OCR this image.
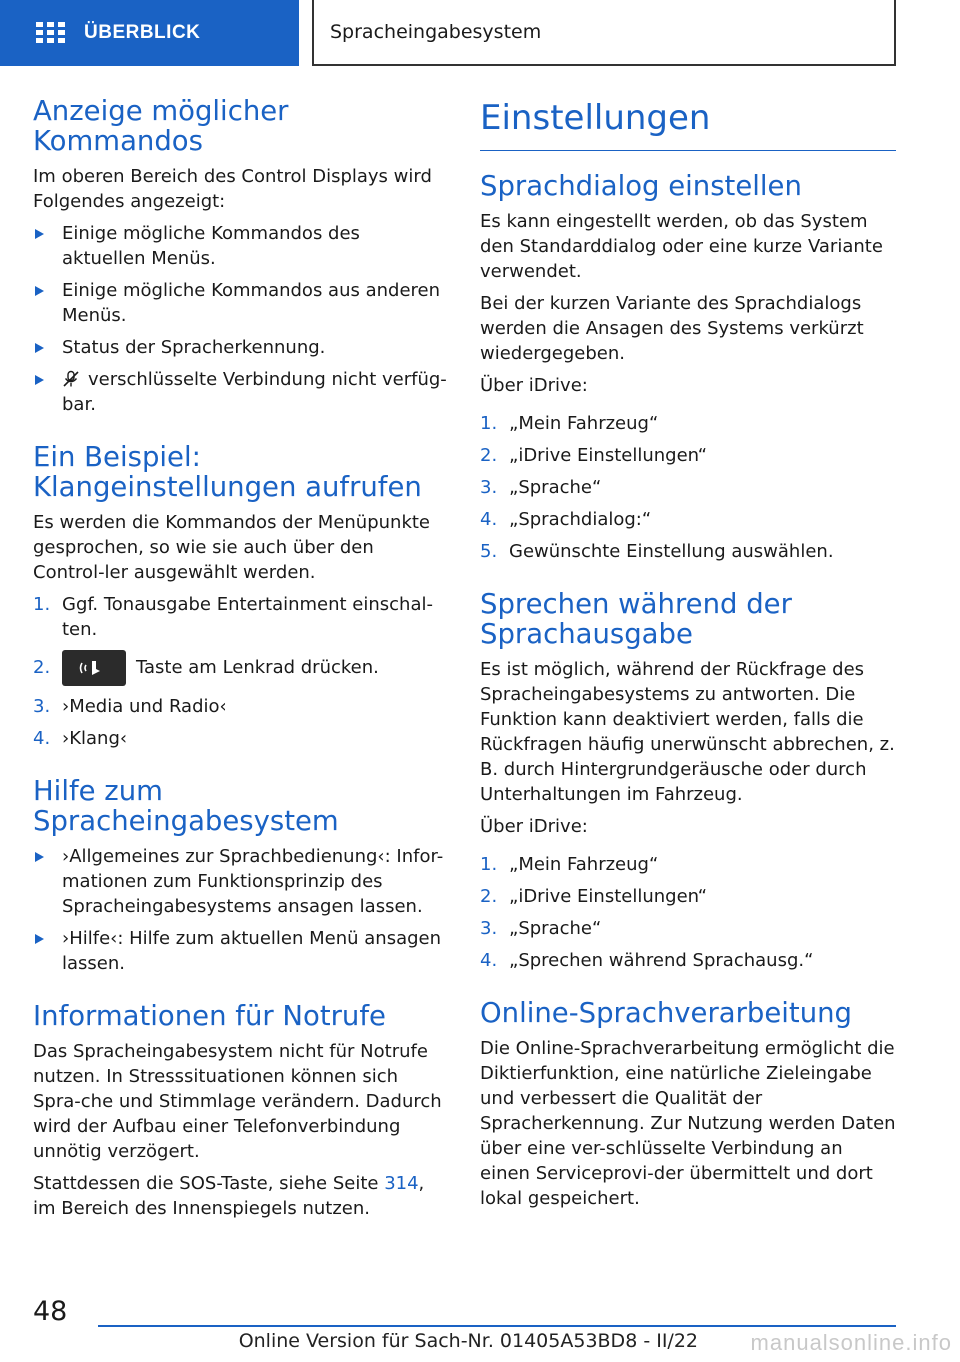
ÜBERBLICK	Sprachеingabesystem
Anzeige möglicher Kommandos

Im oberen Bereich des Control Displays wird Folgendes angezeigt:

Einige mögliche Kommandos des aktuellen Menüs.
Einige mögliche Kommandos aus anderen Menüs.
Status der Spracherkennung.
verschlüsselte Verbindung nicht verfüg-bar.
Ein Beispiel: Klangeinstellungen aufrufen

Es werden die Kommandos der Menüpunkte gesprochen, so wie sie auch über den Control-ler ausgewählt werden.

1. Ggf. Tonausgabe Entertainment einschal-ten.
2.	Taste am Lenkrad drücken.
3. ›Media und Radio‹
4. ›Klang‹
Hilfe zum Spracheingabesystem
›Allgemeines zur Sprachbedienung‹: Infor-mationen zum Funktionsprinzip des Spracheingabesystems ansagen lassen.
›Hilfe‹: Hilfe zum aktuellen Menü ansagen lassen.
Informationen für Notrufe

Das Spracheingabesystem nicht für Notrufe nutzen. In Stresssituationen können sich Spra-che und Stimmlage verändern. Dadurch wird der Aufbau einer Telefonverbindung unnötig verzögert.

Stattdessen die SOS-Taste, siehe Seite 314, im Bereich des Innenspiegels nutzen.

Einstellungen
Sprachdialog einstellen

Es kann eingestellt werden, ob das System den Standarddialog oder eine kurze Variante verwendet.

Bei der kurzen Variante des Sprachdialogs werden die Ansagen des Systems verkürzt wiedergegeben.

Über iDrive:

1. „Mein Fahrzeug“
2. „iDrive Einstellungen“
3. „Sprache“
4. „Sprachdialog:“
5. Gewünschte Einstellung auswählen.
Sprechen während der Sprachausgabe

Es ist möglich, während der Rückfrage des Spracheingabesystems zu antworten. Die Funktion kann deaktiviert werden, falls die Rückfragen häufig unerwünscht abbrechen, z. B. durch Hintergrundgeräusche oder durch Unterhaltungen im Fahrzeug.

Über iDrive:

1. „Mein Fahrzeug“
2. „iDrive Einstellungen“
3. „Sprache“
4. „Sprechen während Sprachausg.“
Online-Sprachverarbeitung

Die Online-Sprachverarbeitung ermöglicht die Diktierfunktion, eine natürliche Zieleingabe und verbessert die Qualität der Spracherkennung. Zur Nutzung werden Daten über eine ver-schlüsselte Verbindung an einen Serviceprovi-der übermittelt und dort lokal gespeichert.

48
Online Version für Sach-Nr. 01405A53BD8 - II/22 manualsonline.info
